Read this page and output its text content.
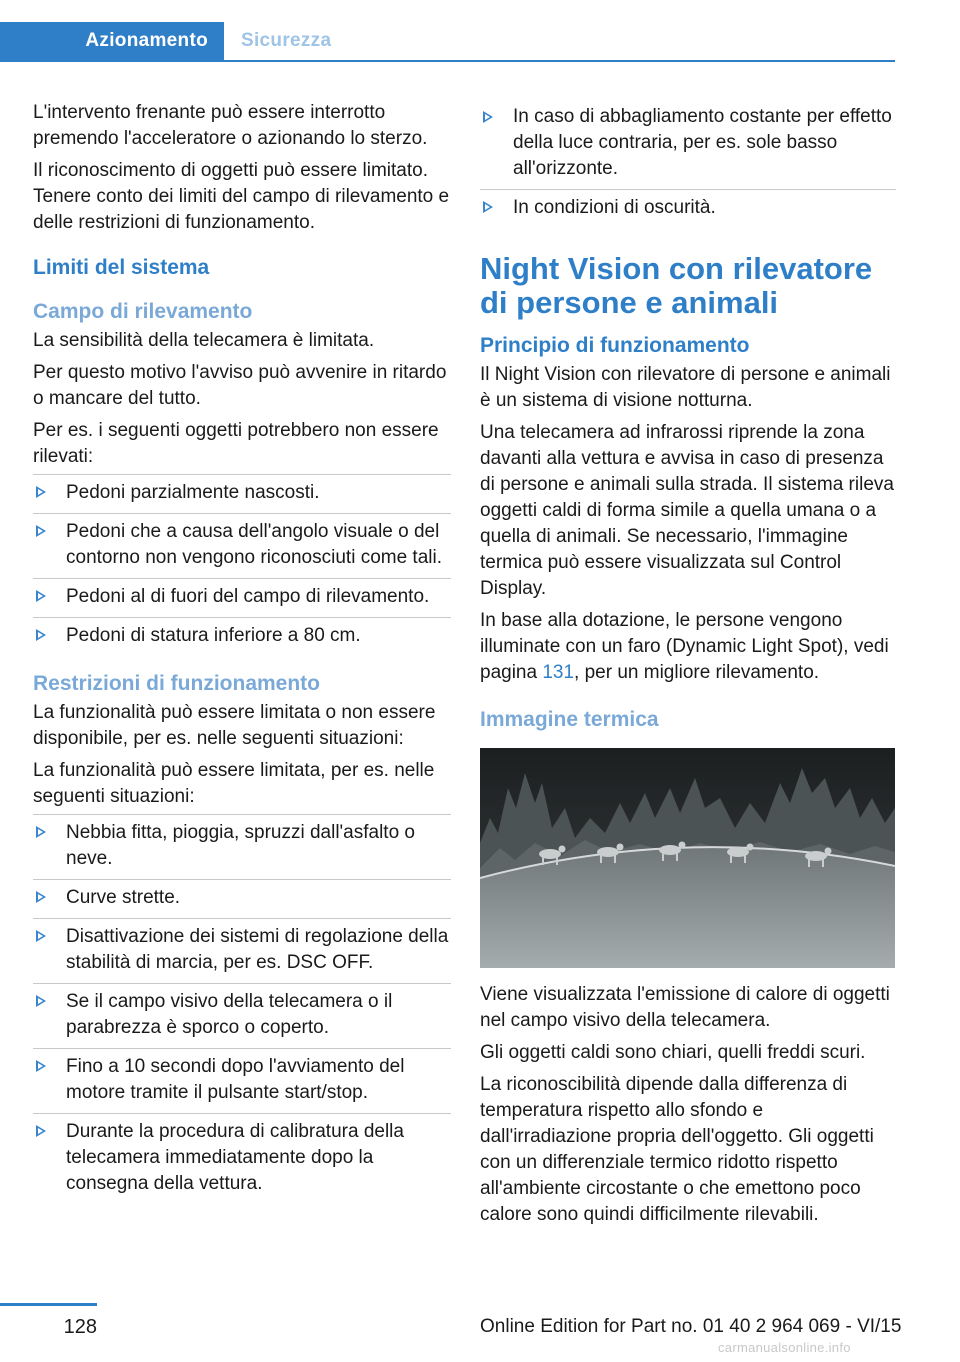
Azionamento	Sicurezza

L'intervento frenante può essere interrotto premendo l'acceleratore o azionando lo sterzo.

Il riconoscimento di oggetti può essere limitato. Tenere conto dei limiti del campo di rilevamento e delle restrizioni di funzionamento.

Limiti del sistema
Campo di rilevamento

La sensibilità della telecamera è limitata.

Per questo motivo l'avviso può avvenire in ritardo o mancare del tutto.

Per es. i seguenti oggetti potrebbero non essere rilevati:

Pedoni parzialmente nascosti.
Pedoni che a causa dell'angolo visuale o del contorno non vengono riconosciuti come tali.
Pedoni al di fuori del campo di rilevamento.
Pedoni di statura inferiore a 80 cm.
Restrizioni di funzionamento

La funzionalità può essere limitata o non essere disponibile, per es. nelle seguenti situazioni:

La funzionalità può essere limitata, per es. nelle seguenti situazioni:

Nebbia fitta, pioggia, spruzzi dall'asfalto o neve.
Curve strette.
Disattivazione dei sistemi di regolazione della stabilità di marcia, per es. DSC OFF.
Se il campo visivo della telecamera o il parabrezza è sporco o coperto.
Fino a 10 secondi dopo l'avviamento del motore tramite il pulsante start/stop.
Durante la procedura di calibratura della telecamera immediatamente dopo la consegna della vettura.
In caso di abbagliamento costante per effetto della luce contraria, per es. sole basso all'orizzonte.
In condizioni di oscurità.
Night Vision con rilevatore di persone e animali
Principio di funzionamento

Il Night Vision con rilevatore di persone e animali è un sistema di visione notturna.

Una telecamera ad infrarossi riprende la zona davanti alla vettura e avvisa in caso di presenza di persone e animali sulla strada. Il sistema rileva oggetti caldi di forma simile a quella umana o a quella di animali. Se necessario, l'immagine termica può essere visualizzata sul Control Display.

In base alla dotazione, le persone vengono illuminate con un faro (Dynamic Light Spot), vedi pagina 131, per un migliore rilevamento.

Immagine termica

Viene visualizzata l'emissione di calore di oggetti nel campo visivo della telecamera.

Gli oggetti caldi sono chiari, quelli freddi scuri.

La riconoscibilità dipende dalla differenza di temperatura rispetto allo sfondo e dall'irradiazione propria dell'oggetto. Gli oggetti con un differenziale termico ridotto rispetto all'ambiente circostante o che emettono poco calore sono quindi difficilmente rilevabili.

128	Online Edition for Part no. 01 40 2 964 069 - VI/15
carmanualsonline.info
